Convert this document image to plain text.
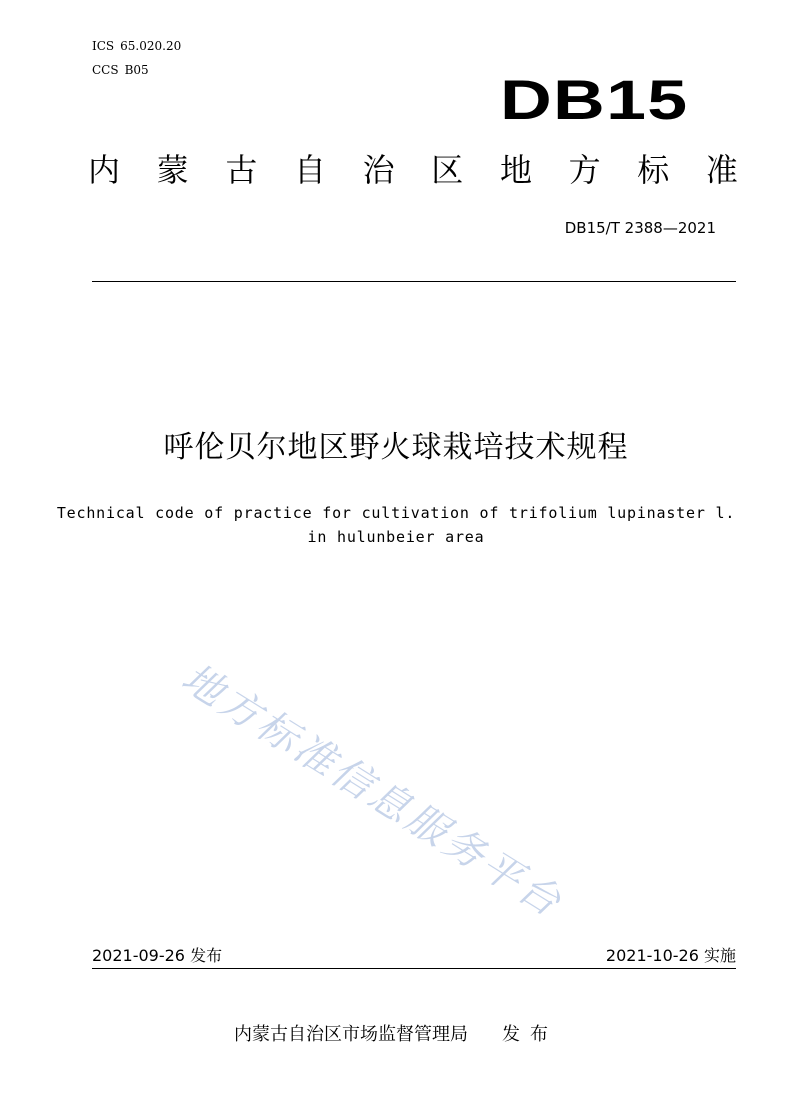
ICS 65.020.20
CCS B05	DB15
内 蒙 古 自 治 区 地 方 标 准
DB15/T 2388—2021
呼伦贝尔地区野火球栽培技术规程
Technical code of practice for cultivation of trifolium lupinaster l.
in hulunbeier area
地方标准信息服务平台
2021-09-26 发布	2021-10-26 实施
内蒙古自治区市场监督管理局 发布
